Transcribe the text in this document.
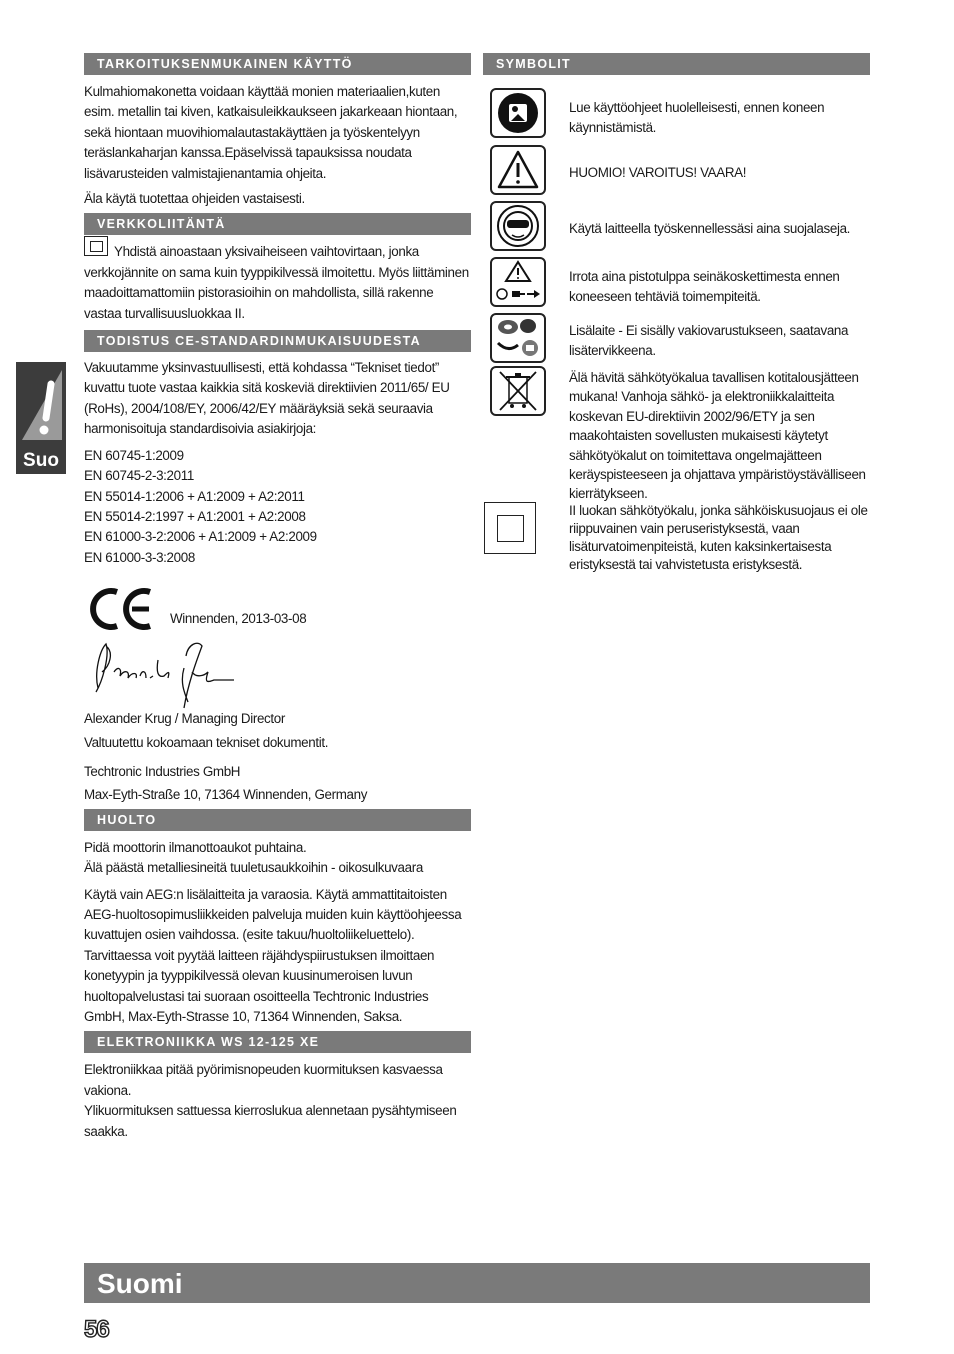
Suo
TARKOITUKSENMUKAINEN KÄYTTÖ
Kulmahiomakonetta voidaan käyttää monien materiaalien,kuten esim. metallin tai kiven, katkaisuleikkaukseen jakarkeaan hiontaan, sekä hiontaan muovihiomalautastakäyttäen ja työskentelyyn teräslankaharjan kanssa.Epäselvissä tapauksissa noudata lisävarusteiden valmistajienantamia ohjeita.
Äla käytä tuotettaa ohjeiden vastaisesti.
VERKKOLIITÄNTÄ
Yhdistä ainoastaan yksivaiheiseen vaihtovirtaan, jonka verkkojännite on sama kuin tyyppikilvessä ilmoitettu. Myös liittäminen maadoittamattomiin pistorasioihin on mahdollista, sillä rakenne vastaa turvallisuusluokkaa II.
TODISTUS CE-STANDARDINMUKAISUUDESTA
Vakuutamme yksinvastuullisesti, että kohdassa “Tekniset tiedot” kuvattu tuote vastaa kaikkia sitä koskeviä direktiivien 2011/65/ EU (RoHs), 2004/108/EY, 2006/42/EY määräyksiä sekä seuraavia harmonisoituja standardisoivia asiakirjoja:
EN 60745-1:2009
EN 60745-2-3:2011
EN 55014-1:2006 + A1:2009 + A2:2011
EN 55014-2:1997 + A1:2001 + A2:2008
EN 61000-3-2:2006 + A1:2009 + A2:2009
EN 61000-3-3:2008
Winnenden, 2013-03-08
Alexander Krug / Managing Director
Valtuutettu kokoamaan tekniset dokumentit.
Techtronic Industries GmbH
Max-Eyth-Straße 10, 71364 Winnenden, Germany
HUOLTO
Pidä moottorin ilmanottoaukot puhtaina.
Älä päästä metalliesineitä tuuletusaukkoihin - oikosulkuvaara
Käytä vain AEG:n lisälaitteita ja varaosia. Käytä ammattitaitoisten AEG-huoltosopimusliikkeiden palveluja muiden kuin käyttöohjeessa kuvattujen osien vaihdossa. (esite takuu/huoltoliikeluettelo). Tarvittaessa voit pyytää laitteen räjähdyspiirustuksen ilmoittaen konetyypin ja tyyppikilvessä olevan kuusinumeroisen luvun huoltopalvelustasi tai suoraan osoitteella Techtronic Industries GmbH, Max-Eyth-Strasse 10, 71364 Winnenden, Saksa.
ELEKTRONIIKKA WS 12-125 XE
Elektroniikkaa pitää pyörimisnopeuden kuormituksen kasvaessa vakiona.
Ylikuormituksen sattuessa kierroslukua alennetaan pysähtymiseen saakka.
SYMBOLIT
Lue käyttöohjeet huolelleisesti, ennen koneen käynnistämistä.
HUOMIO! VAROITUS! VAARA!
Käytä laitteella työskennellessäsi aina suojalaseja.
Irrota aina pistotulppa seinäkoskettimesta ennen koneeseen tehtäviä toimempiteitä.
Lisälaite - Ei sisälly vakiovarustukseen, saatavana lisätervikkeena.
Älä hävitä sähkötyökalua tavallisen kotitalousjätteen mukana! Vanhoja sähkö- ja elektroniikkalaitteita koskevan EU-direktiivin 2002/96/ETY ja sen maakohtaisten sovellusten mukaisesti käytetyt sähkötyökalut on toimitettava ongelmajätteen keräyspisteeseen ja ohjattava ympäristöystävälliseen kierrätykseen.
II luokan sähkötyökalu, jonka sähköiskusuojaus ei ole riippuvainen vain peruseristyksestä, vaan lisäturvatoimenpiteistä, kuten kaksinkertaisesta eristyksestä tai vahvistetusta eristyksestä.
Suomi
56
